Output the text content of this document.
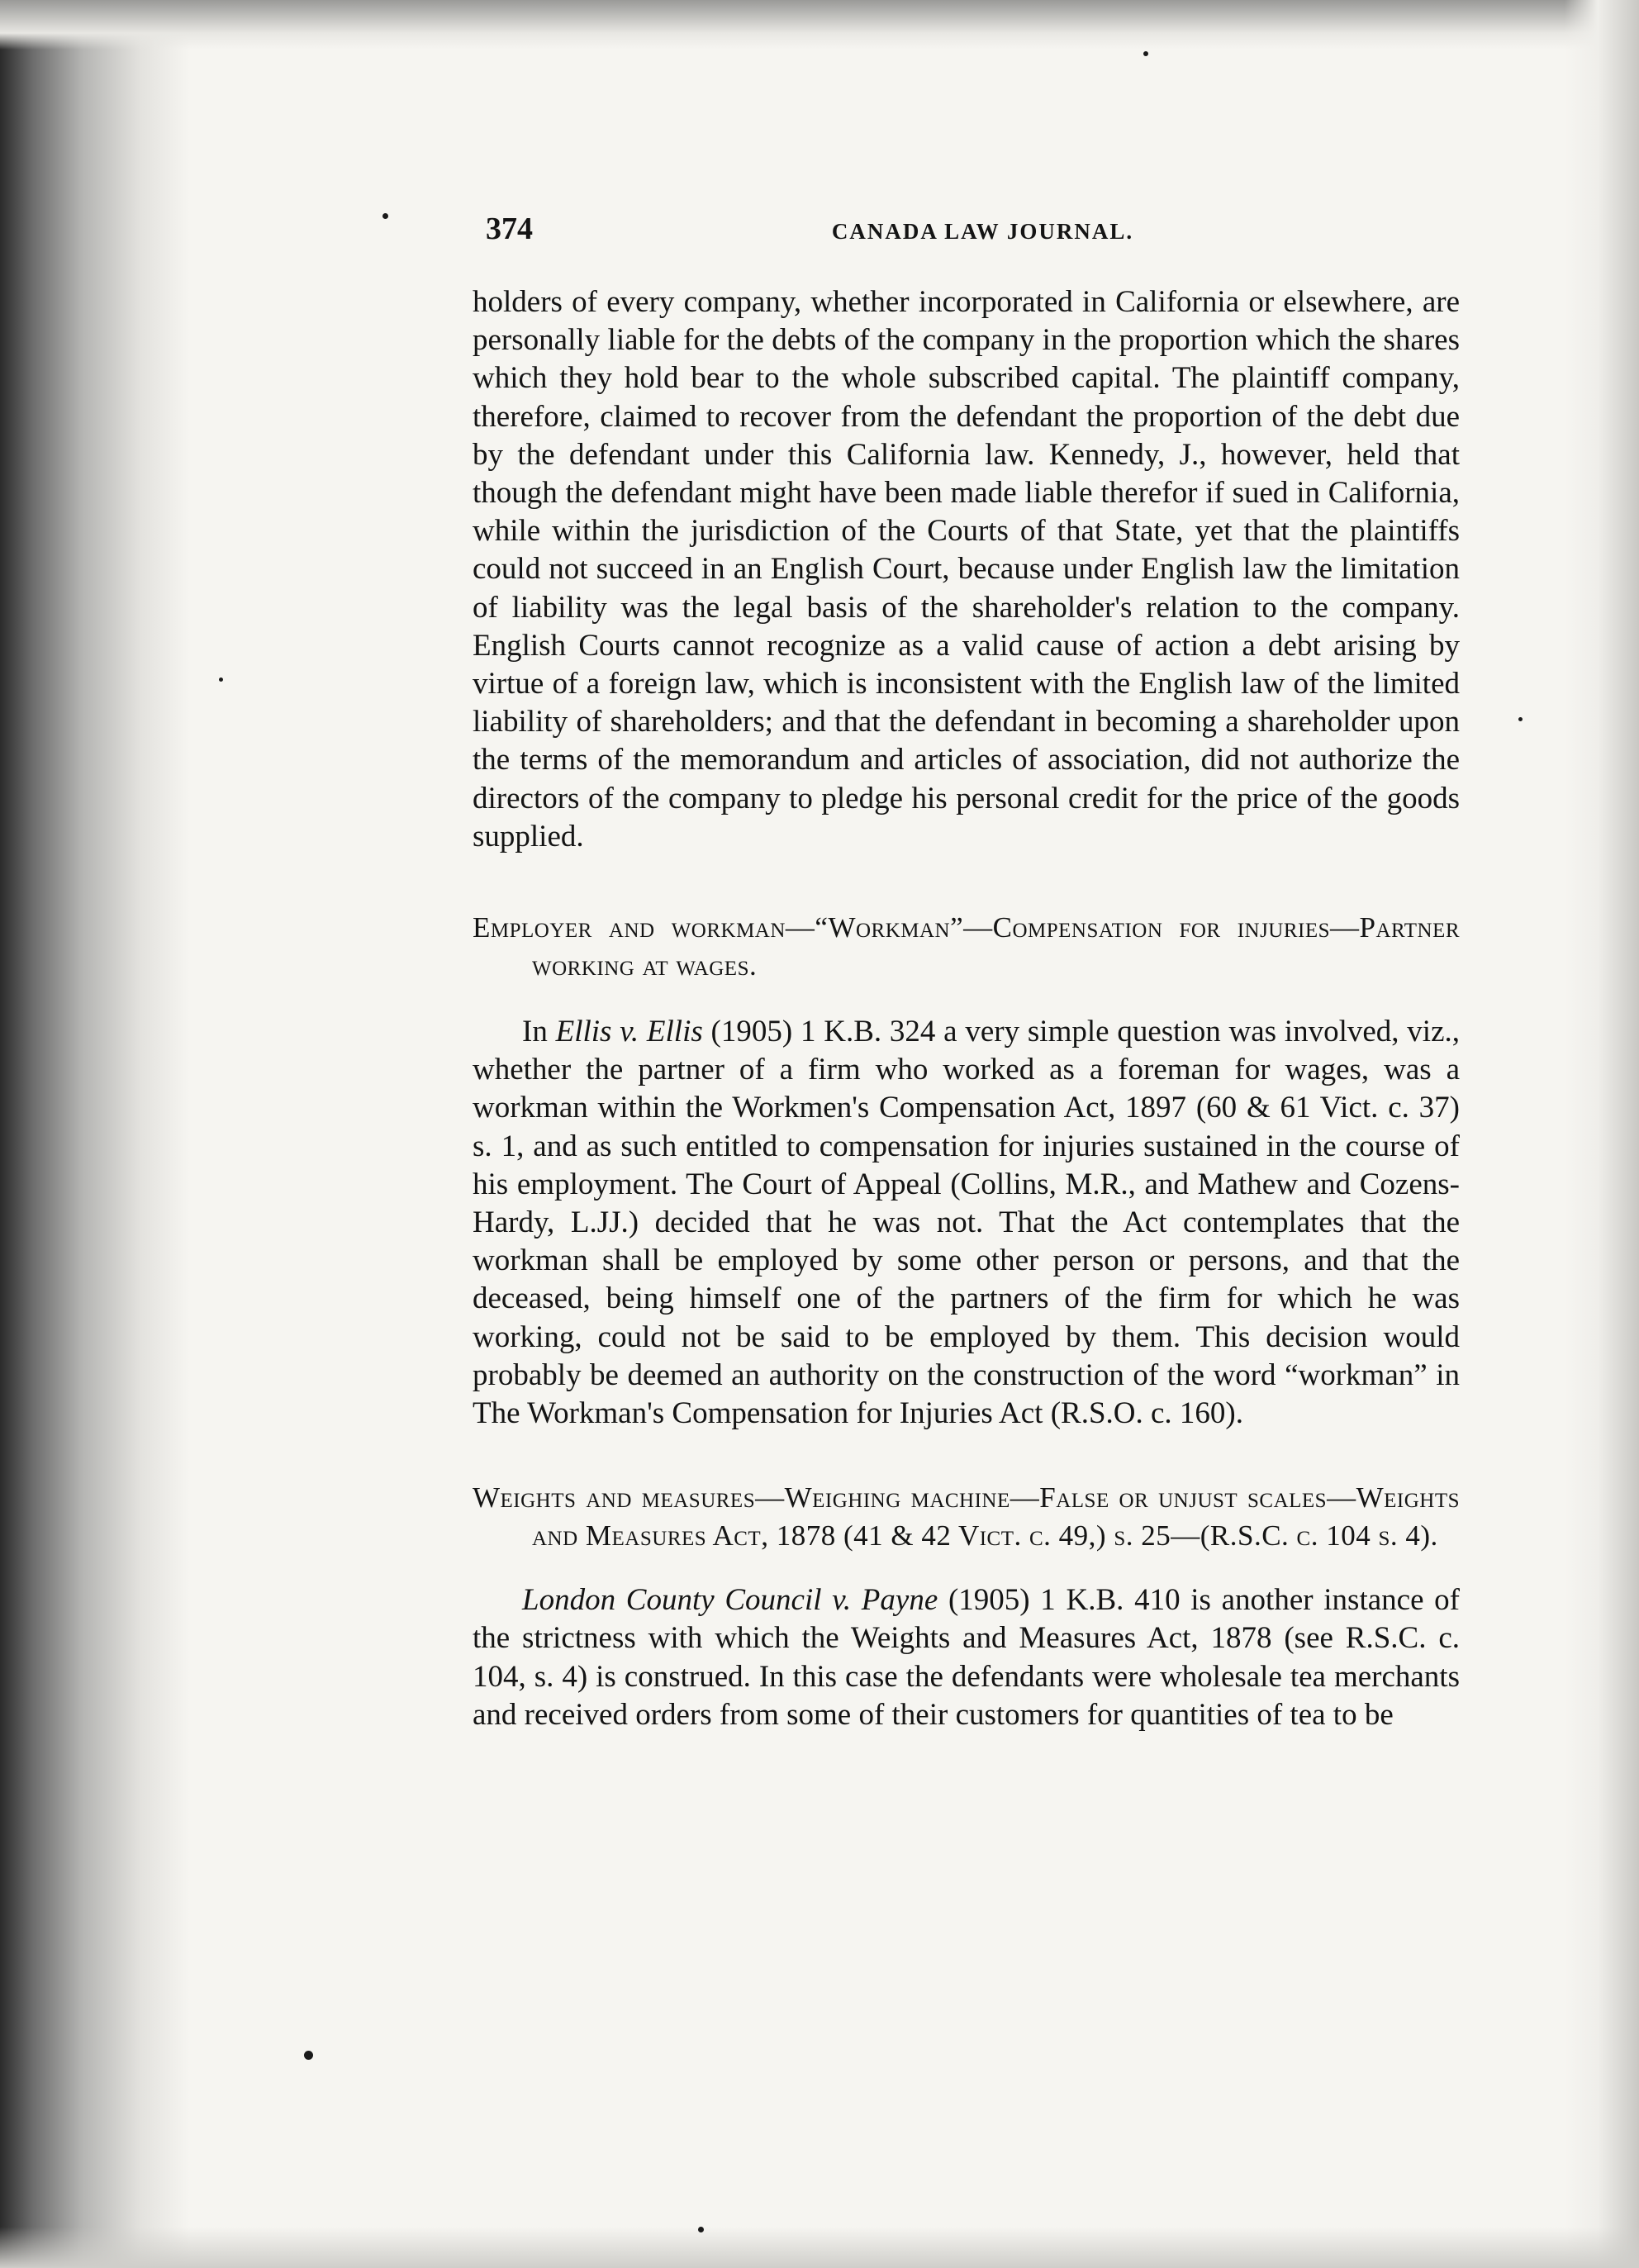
374	CANADA LAW JOURNAL.

holders of every company, whether incorporated in California or elsewhere, are personally liable for the debts of the company in the proportion which the shares which they hold bear to the whole subscribed capital. The plaintiff company, therefore, claimed to recover from the defendant the proportion of the debt due by the defendant under this California law. Kennedy, J., however, held that though the defendant might have been made liable therefor if sued in California, while within the jurisdiction of the Courts of that State, yet that the plaintiffs could not succeed in an English Court, because under English law the limitation of liability was the legal basis of the shareholder's relation to the company. English Courts cannot recognize as a valid cause of action a debt arising by virtue of a foreign law, which is inconsistent with the English law of the limited liability of shareholders; and that the defendant in becoming a shareholder upon the terms of the memorandum and articles of association, did not authorize the directors of the company to pledge his personal credit for the price of the goods supplied.

Employer and workman—“Workman”—Compensation for injuries—Partner working at wages.

In Ellis v. Ellis (1905) 1 K.B. 324 a very simple question was involved, viz., whether the partner of a firm who worked as a foreman for wages, was a workman within the Workmen's Compensation Act, 1897 (60 & 61 Vict. c. 37) s. 1, and as such entitled to compensation for injuries sustained in the course of his employment. The Court of Appeal (Collins, M.R., and Mathew and Cozens-Hardy, L.JJ.) decided that he was not. That the Act contemplates that the workman shall be employed by some other person or persons, and that the deceased, being himself one of the partners of the firm for which he was working, could not be said to be employed by them. This decision would probably be deemed an authority on the construction of the word “workman” in The Workman's Compensation for Injuries Act (R.S.O. c. 160).

Weights and measures—Weighing machine—False or unjust scales—Weights and Measures Act, 1878 (41 & 42 Vict. c. 49,) s. 25—(R.S.C. c. 104 s. 4).

London County Council v. Payne (1905) 1 K.B. 410 is another instance of the strictness with which the Weights and Measures Act, 1878 (see R.S.C. c. 104, s. 4) is construed. In this case the defendants were wholesale tea merchants and received orders from some of their customers for quantities of tea to be
